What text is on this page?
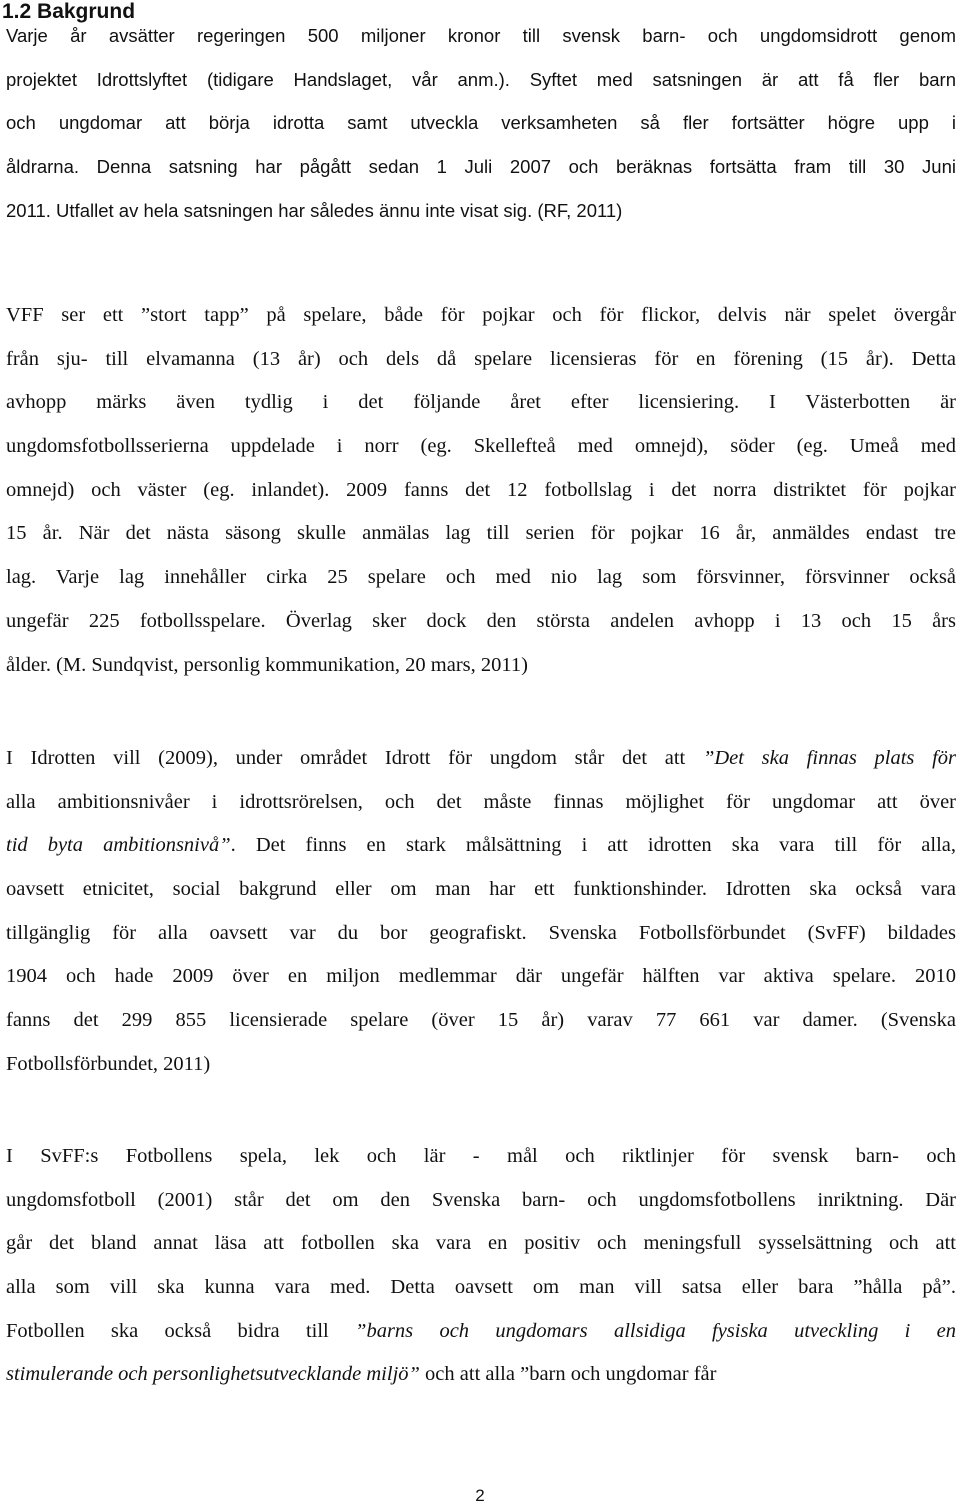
1.2 Bakgrund
Varje år avsätter regeringen 500 miljoner kronor till svensk barn- och ungdomsidrott genom
projektet Idrottslyftet (tidigare Handslaget, vår anm.). Syftet med satsningen är att få fler barn
och ungdomar att börja idrotta samt utveckla verksamheten så fler fortsätter högre upp i
åldrarna. Denna satsning har pågått sedan 1 Juli 2007 och beräknas fortsätta fram till 30 Juni
2011. Utfallet av hela satsningen har således ännu inte visat sig. (RF, 2011)
VFF ser ett ”stort tapp” på spelare, både för pojkar och för flickor, delvis när spelet övergår
från sju- till elvamanna (13 år) och dels då spelare licensieras för en förening (15 år). Detta
avhopp märks även tydlig i det följande året efter licensiering. I Västerbotten är
ungdomsfotbollsserierna uppdelade i norr (eg. Skellefteå med omnejd), söder (eg. Umeå med
omnejd) och väster (eg. inlandet). 2009 fanns det 12 fotbollslag i det norra distriktet för pojkar
15 år. När det nästa säsong skulle anmälas lag till serien för pojkar 16 år, anmäldes endast tre
lag. Varje lag innehåller cirka 25 spelare och med nio lag som försvinner, försvinner också
ungefär 225 fotbollsspelare. Överlag sker dock den största andelen avhopp i 13 och 15 års
ålder. (M. Sundqvist, personlig kommunikation, 20 mars, 2011)
I Idrotten vill (2009), under området Idrott för ungdom står det att ”Det ska finnas plats för
alla ambitionsnivåer i idrottsrörelsen, och det måste finnas möjlighet för ungdomar att över
tid byta ambitionsnivå”. Det finns en stark målsättning i att idrotten ska vara till för alla,
oavsett etnicitet, social bakgrund eller om man har ett funktionshinder. Idrotten ska också vara
tillgänglig för alla oavsett var du bor geografiskt. Svenska Fotbollsförbundet (SvFF) bildades
1904 och hade 2009 över en miljon medlemmar där ungefär hälften var aktiva spelare. 2010
fanns det 299 855 licensierade spelare (över 15 år) varav 77 661 var damer. (Svenska
Fotbollsförbundet, 2011)
I SvFF:s Fotbollens spela, lek och lär - mål och riktlinjer för svensk barn- och
ungdomsfotboll (2001) står det om den Svenska barn- och ungdomsfotbollens inriktning. Där
går det bland annat läsa att fotbollen ska vara en positiv och meningsfull sysselsättning och att
alla som vill ska kunna vara med. Detta oavsett om man vill satsa eller bara ”hålla på”.
Fotbollen ska också bidra till ”barns och ungdomars allsidiga fysiska utveckling i en
stimulerande och personlighetsutvecklande miljö” och att alla ”barn och ungdomar får
2
